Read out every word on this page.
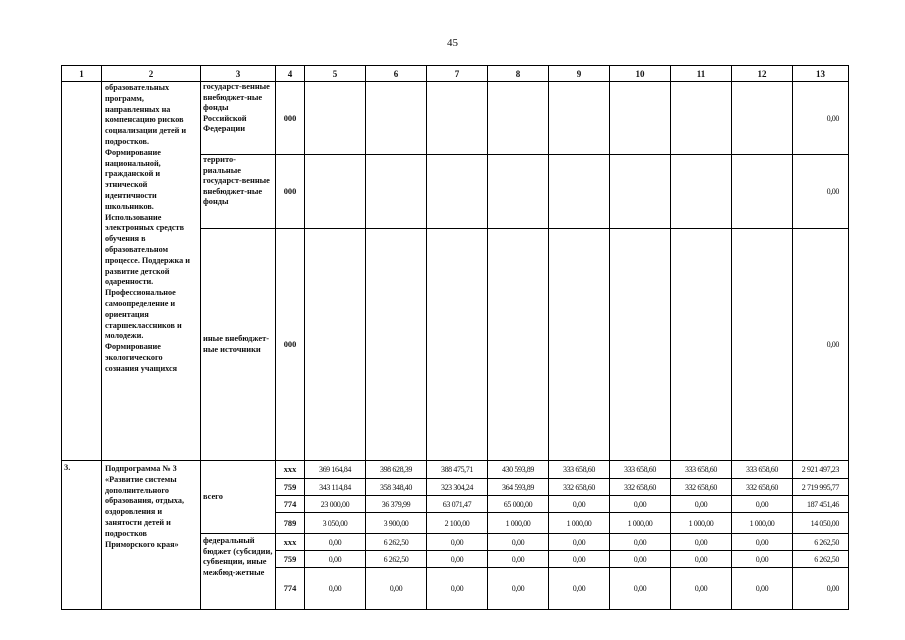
45
1	2	3	4	5	6	7	8	9	10	11	12	13
	образовательных программ, направленных на компенсацию рисков социализации детей и подростков. Формирование национальной, гражданской и этнической идентичности школьников. Использование электронных средств обучения в образовательном процессе. Поддержка и развитие детской одаренности. Профессиональное самоопределение и ориентация старшеклассников и молодежи. Формирование экологического сознания учащихся	государст-венные внебюджет-ные фонды Российской Федерации	000									0,00
		террито-риальные государст-венные внебюджет-ные фонды	000									0,00
		иные внебюджет-ные источники	000									0,00
3.	Подпрограмма № 3 «Развитие системы дополнительного образования, отдыха, оздоровления и занятости детей и подростков Приморского края»	всего	xxx	369 164,84	398 628,39	388 475,71	430 593,89	333 658,60	333 658,60	333 658,60	333 658,60	2 921 497,23
			759	343 114,84	358 348,40	323 304,24	364 593,89	332 658,60	332 658,60	332 658,60	332 658,60	2 719 995,77
			774	23 000,00	36 379,99	63 071,47	65 000,00	0,00	0,00	0,00	0,00	187 451,46
			789	3 050,00	3 900,00	2 100,00	1 000,00	1 000,00	1 000,00	1 000,00	1 000,00	14 050,00
		федеральный бюджет (субсидии, субвенции, иные межбюд-жетные	xxx	0,00	6 262,50	0,00	0,00	0,00	0,00	0,00	0,00	6 262,50
			759	0,00	6 262,50	0,00	0,00	0,00	0,00	0,00	0,00	6 262,50
			774	0,00	0,00	0,00	0,00	0,00	0,00	0,00	0,00	0,00
